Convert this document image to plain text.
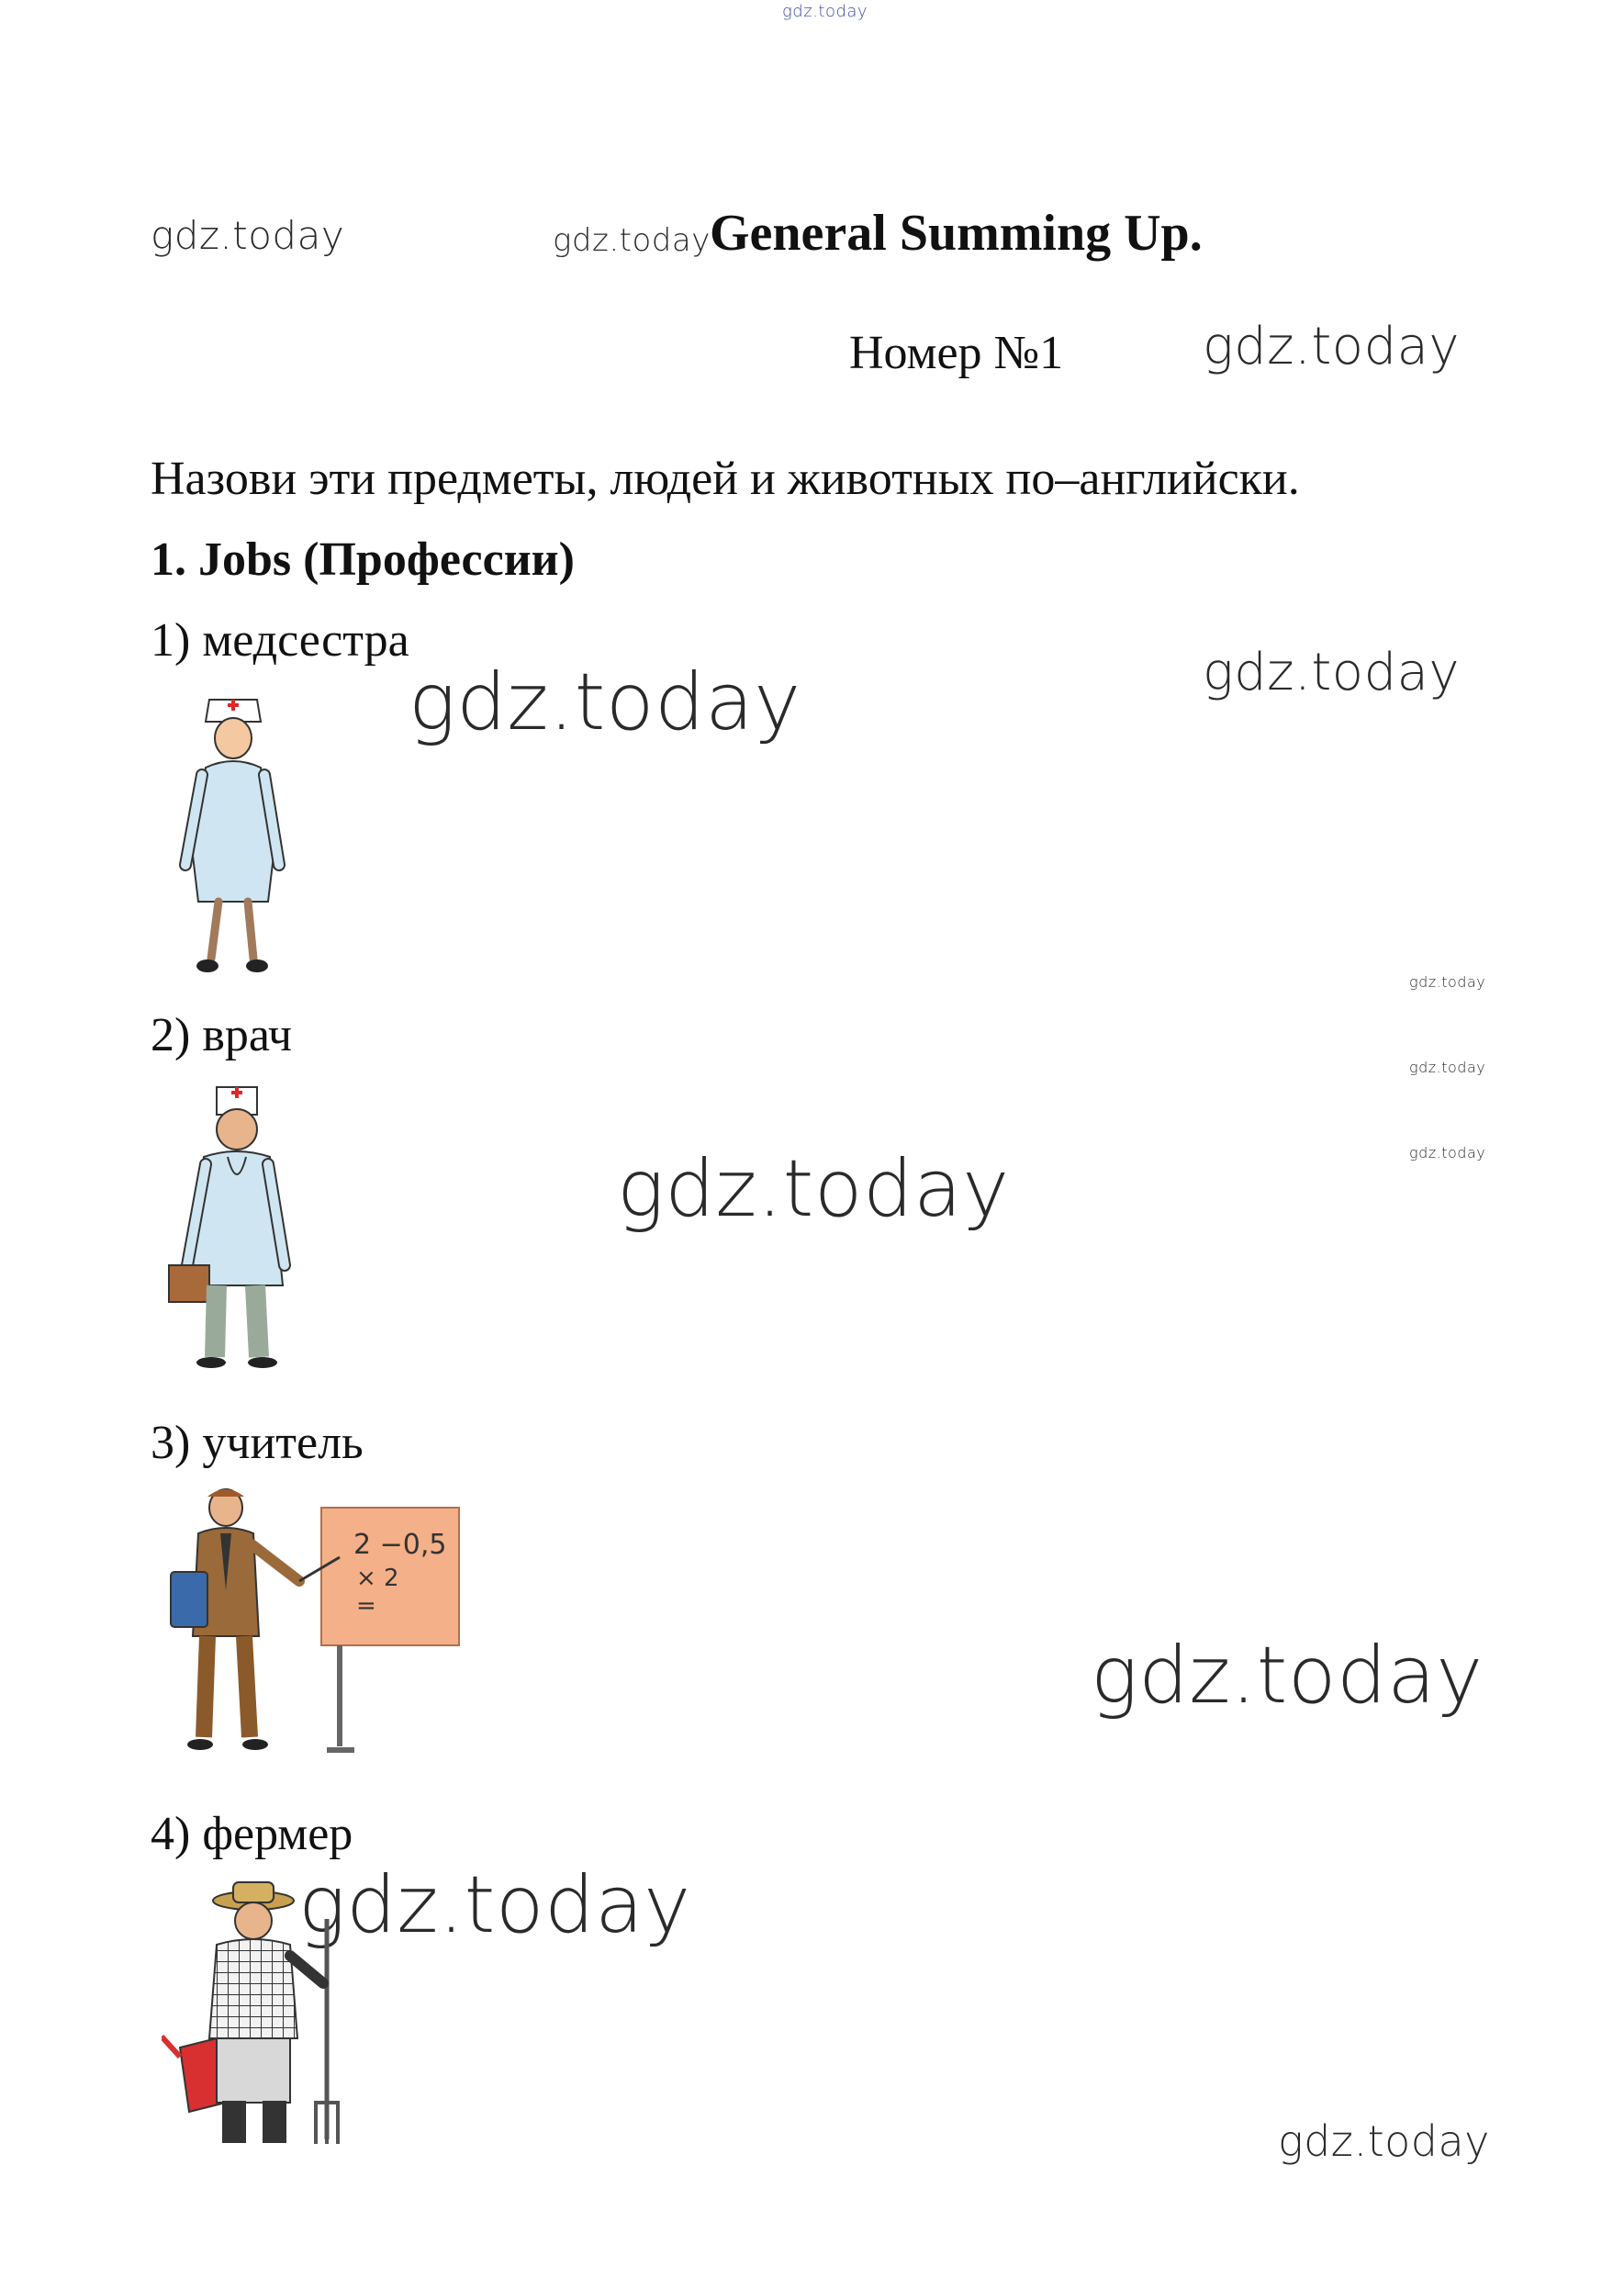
gdz.today
gdz.today	gdz.today
gdz.today
gdz.today	gdz.today
gdz.today
gdz.today
gdz.today
gdz.today
gdz.today
gdz.today
gdz.today
General Summing Up.
Номер №1
Назови эти предметы, людей и животных по–английски.
1. Jobs (Профессии)
1) медсестра
2) врач
3) учитель
4) фермер
2 −0,5
× 2
=
